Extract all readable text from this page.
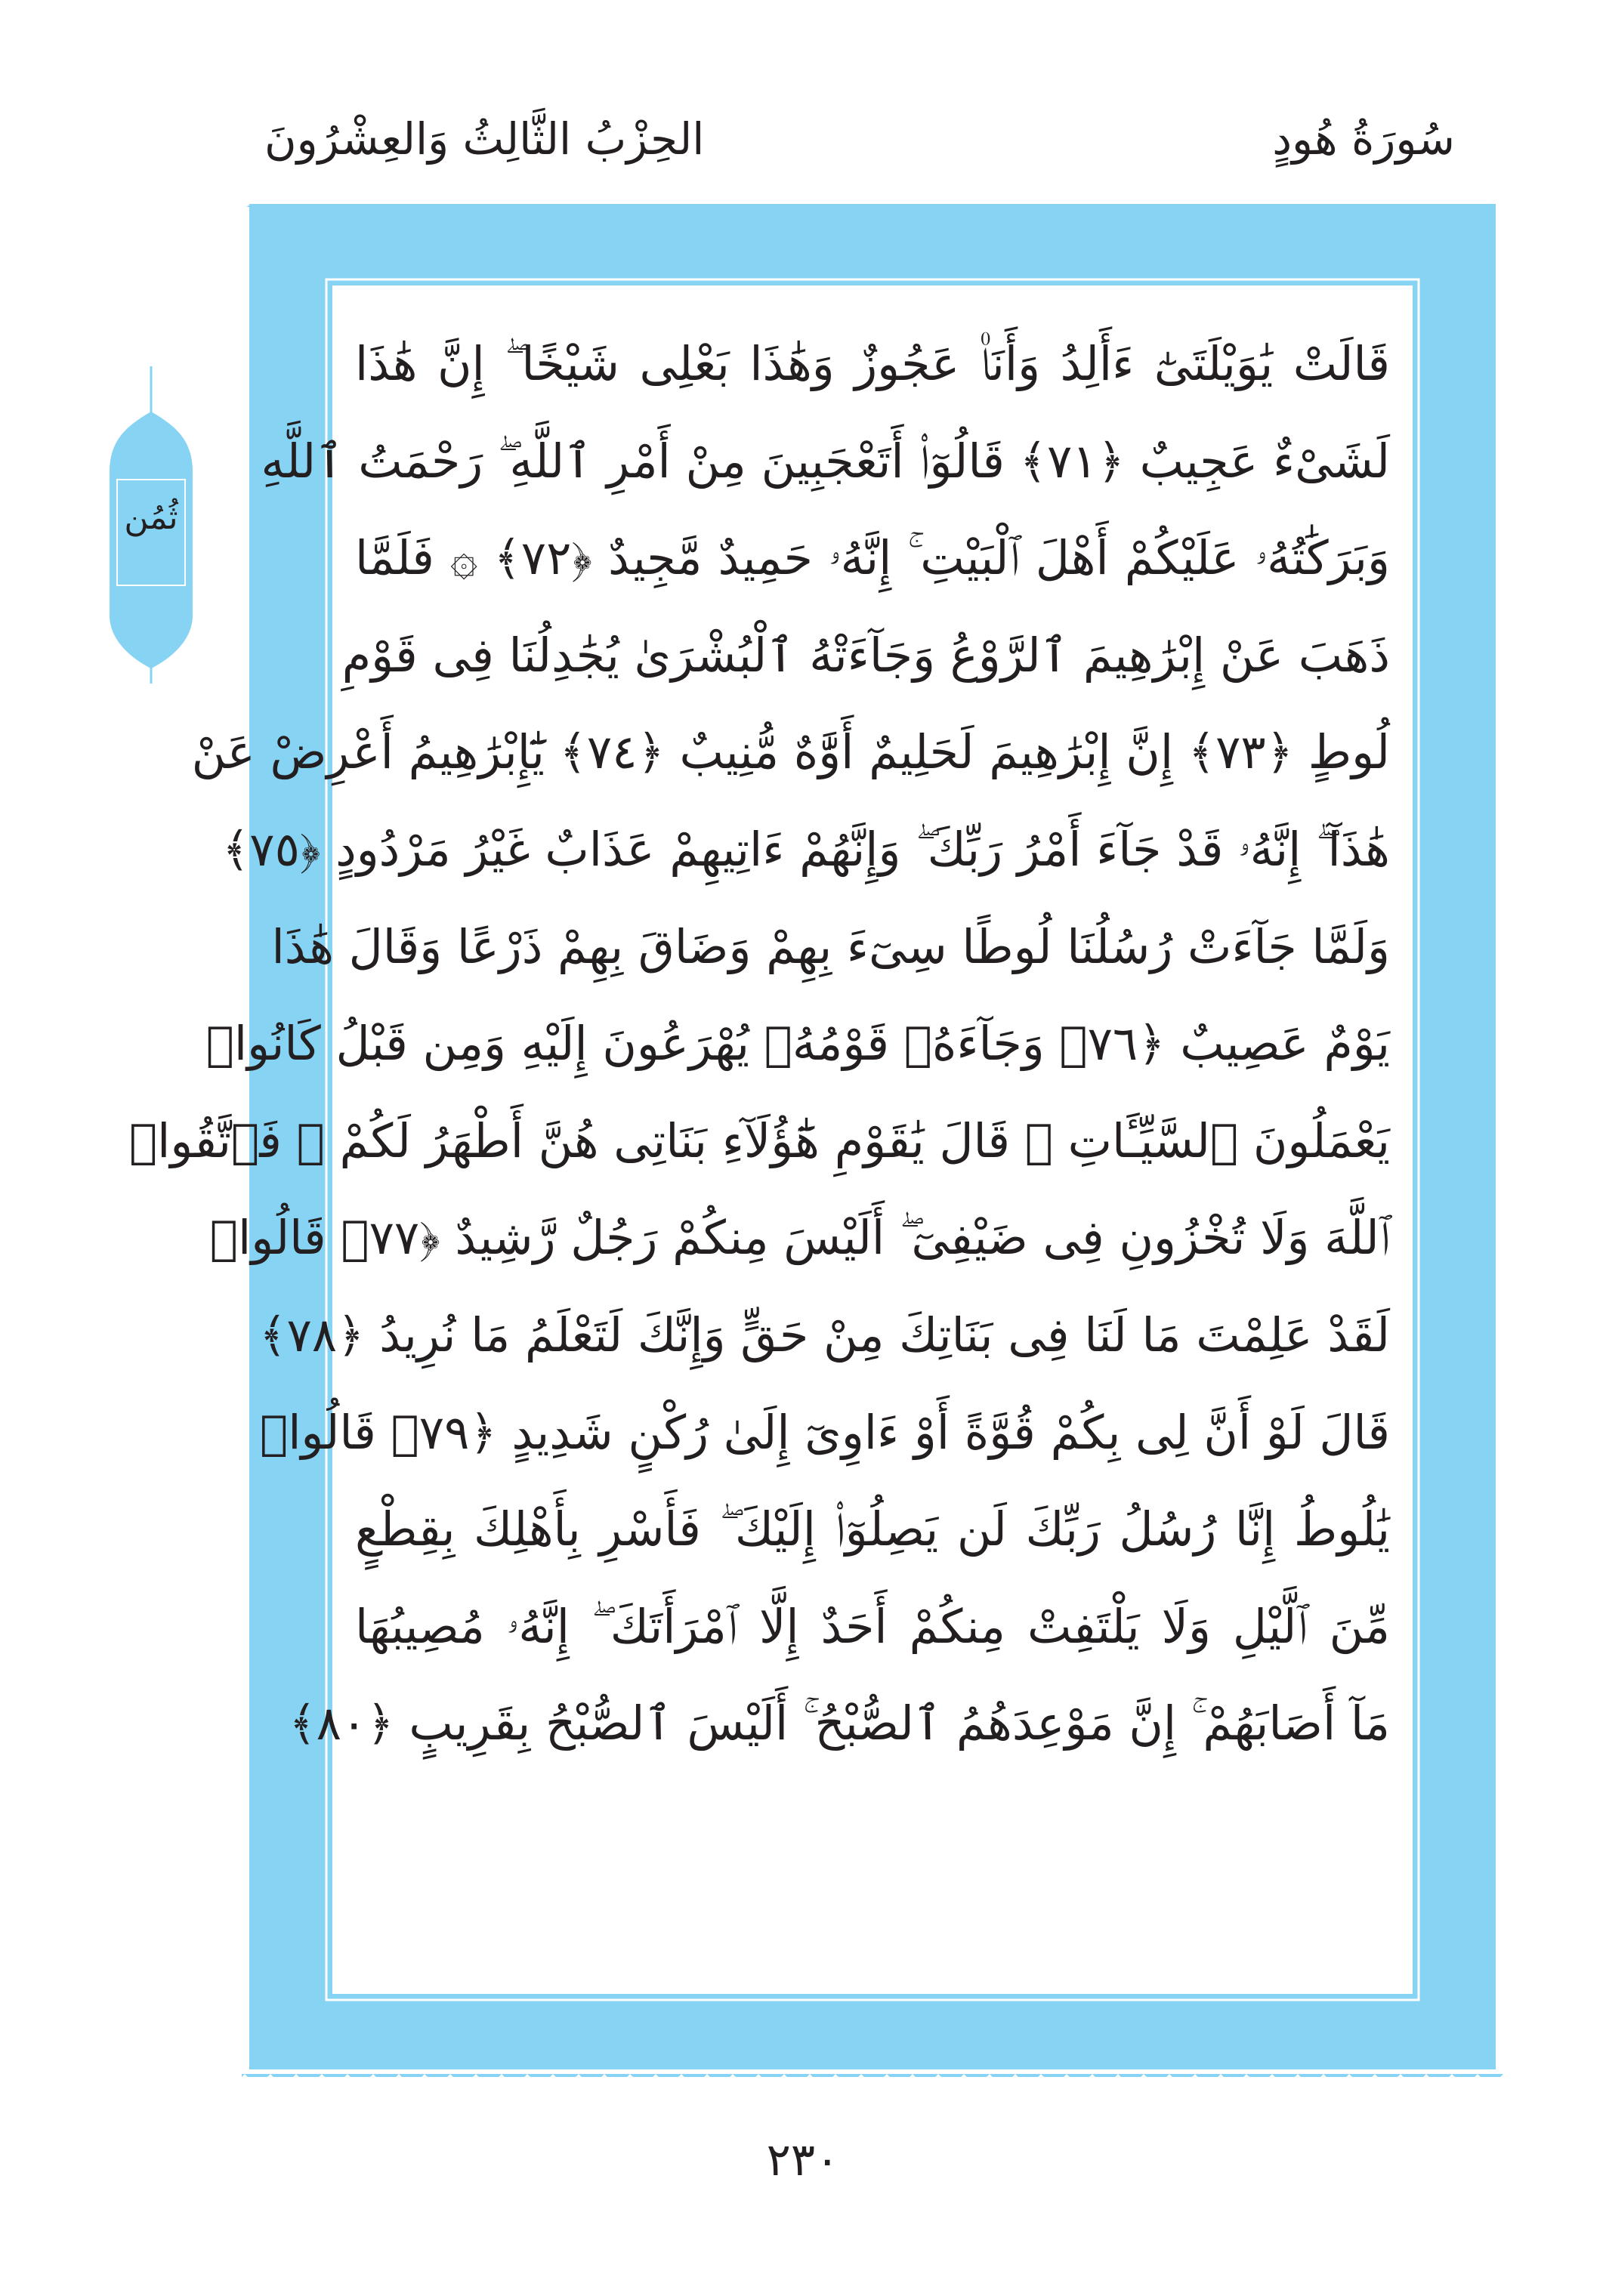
سُورَةُ هُودٍ
الحِزْبُ الثَّالِثُ وَالعِشْرُونَ
قَالَتْ يَٰوَيْلَتَىٰٓ ءَأَلِدُ وَأَنَا۠ عَجُوزٌ وَهَٰذَا بَعْلِى شَيْخًا ۖ إِنَّ هَٰذَا
لَشَىْءٌ عَجِيبٌ ﴿٧١﴾ قَالُوٓا۟ أَتَعْجَبِينَ مِنْ أَمْرِ ٱللَّهِ ۖ رَحْمَتُ ٱللَّهِ
وَبَرَكَٰتُهُۥ عَلَيْكُمْ أَهْلَ ٱلْبَيْتِ ۚ إِنَّهُۥ حَمِيدٌ مَّجِيدٌ ﴿٧٢﴾ ۞ فَلَمَّا
ذَهَبَ عَنْ إِبْرَٰهِيمَ ٱلرَّوْعُ وَجَآءَتْهُ ٱلْبُشْرَىٰ يُجَٰدِلُنَا فِى قَوْمِ
لُوطٍ ﴿٧٣﴾ إِنَّ إِبْرَٰهِيمَ لَحَلِيمٌ أَوَّٰهٌ مُّنِيبٌ ﴿٧٤﴾ يَٰٓإِبْرَٰهِيمُ أَعْرِضْ عَنْ
هَٰذَآ ۖ إِنَّهُۥ قَدْ جَآءَ أَمْرُ رَبِّكَ ۖ وَإِنَّهُمْ ءَاتِيهِمْ عَذَابٌ غَيْرُ مَرْدُودٍ ﴿٧٥﴾
وَلَمَّا جَآءَتْ رُسُلُنَا لُوطًا سِىٓءَ بِهِمْ وَضَاقَ بِهِمْ ذَرْعًا وَقَالَ هَٰذَا
يَوْمٌ عَصِيبٌ ﴿٧٦﴾ وَجَآءَهُۥ قَوْمُهُۥ يُهْرَعُونَ إِلَيْهِ وَمِن قَبْلُ كَانُوا۟
يَعْمَلُونَ ٱلسَّيِّـَٔاتِ ۚ قَالَ يَٰقَوْمِ هَٰٓؤُلَآءِ بَنَاتِى هُنَّ أَطْهَرُ لَكُمْ ۖ فَٱتَّقُوا۟
ٱللَّهَ وَلَا تُخْزُونِ فِى ضَيْفِىٓ ۖ أَلَيْسَ مِنكُمْ رَجُلٌ رَّشِيدٌ ﴿٧٧﴾ قَالُوا۟
لَقَدْ عَلِمْتَ مَا لَنَا فِى بَنَاتِكَ مِنْ حَقٍّ وَإِنَّكَ لَتَعْلَمُ مَا نُرِيدُ ﴿٧٨﴾
قَالَ لَوْ أَنَّ لِى بِكُمْ قُوَّةً أَوْ ءَاوِىٓ إِلَىٰ رُكْنٍ شَدِيدٍ ﴿٧٩﴾ قَالُوا۟
يَٰلُوطُ إِنَّا رُسُلُ رَبِّكَ لَن يَصِلُوٓا۟ إِلَيْكَ ۖ فَأَسْرِ بِأَهْلِكَ بِقِطْعٍ
مِّنَ ٱلَّيْلِ وَلَا يَلْتَفِتْ مِنكُمْ أَحَدٌ إِلَّا ٱمْرَأَتَكَ ۖ إِنَّهُۥ مُصِيبُهَا
مَآ أَصَابَهُمْ ۚ إِنَّ مَوْعِدَهُمُ ٱلصُّبْحُ ۚ أَلَيْسَ ٱلصُّبْحُ بِقَرِيبٍ ﴿٨٠﴾
ثُمُن
٢٣٠
